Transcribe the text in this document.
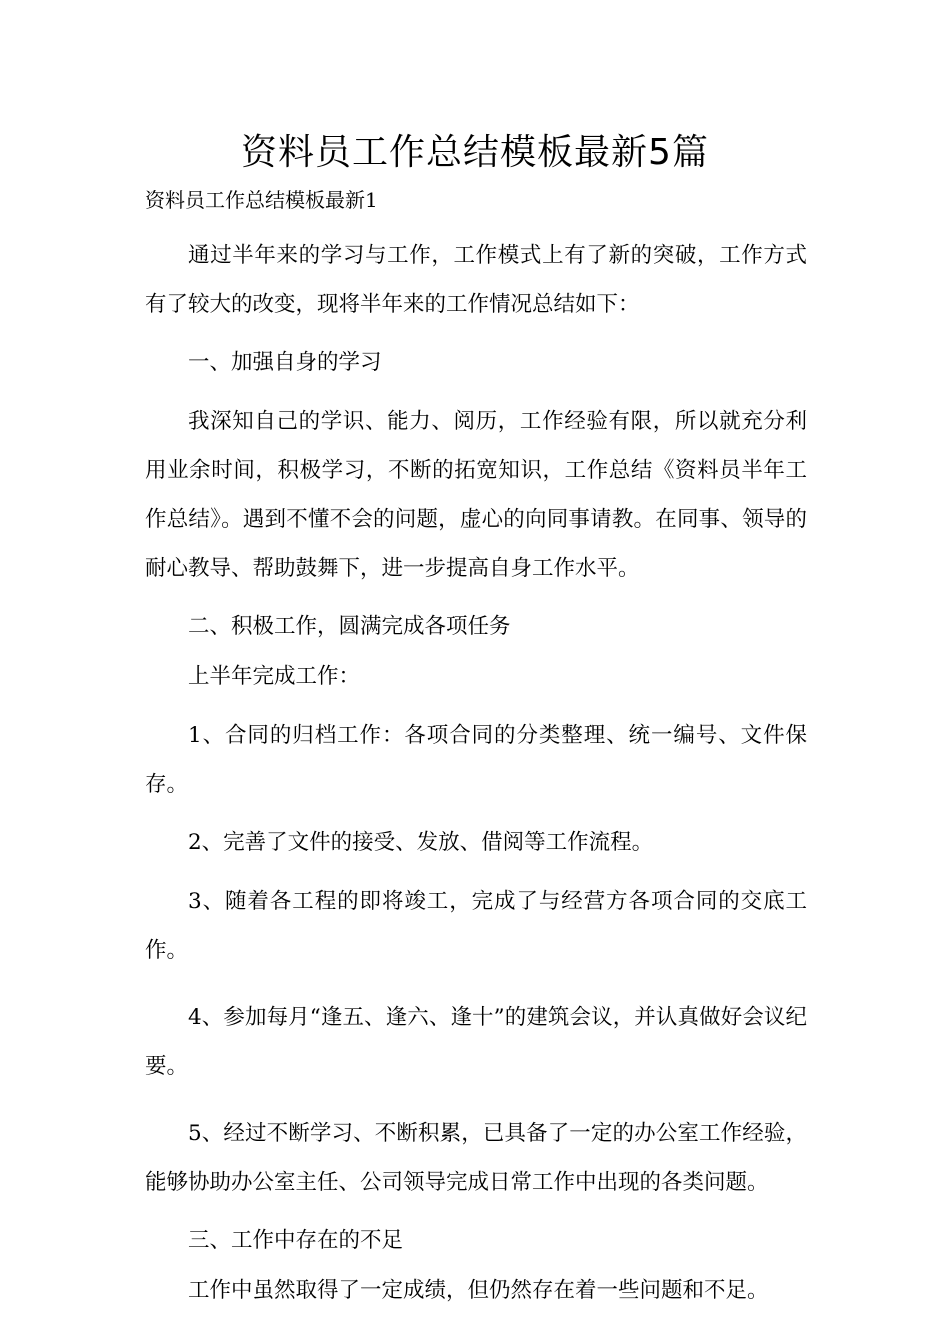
资料员工作总结模板最新5篇
资料员工作总结模板最新1

通过半年来的学习与工作，工作模式上有了新的突破，工作方式有了较大的改变，现将半年来的工作情况总结如下：

一、加强自身的学习

我深知自己的学识、能力、阅历，工作经验有限，所以就充分利用业余时间，积极学习，不断的拓宽知识，工作总结《资料员半年工作总结》。遇到不懂不会的问题，虚心的向同事请教。在同事、领导的耐心教导、帮助鼓舞下，进一步提高自身工作水平。

二、积极工作，圆满完成各项任务

上半年完成工作：

1、合同的归档工作：各项合同的分类整理、统一编号、文件保存。

2、完善了文件的接受、发放、借阅等工作流程。

3、随着各工程的即将竣工，完成了与经营方各项合同的交底工作。

4、参加每月“逢五、逢六、逢十”的建筑会议，并认真做好会议纪要。

5、经过不断学习、不断积累，已具备了一定的办公室工作经验，能够协助办公室主任、公司领导完成日常工作中出现的各类问题。

三、工作中存在的不足

工作中虽然取得了一定成绩，但仍然存在着一些问题和不足。
